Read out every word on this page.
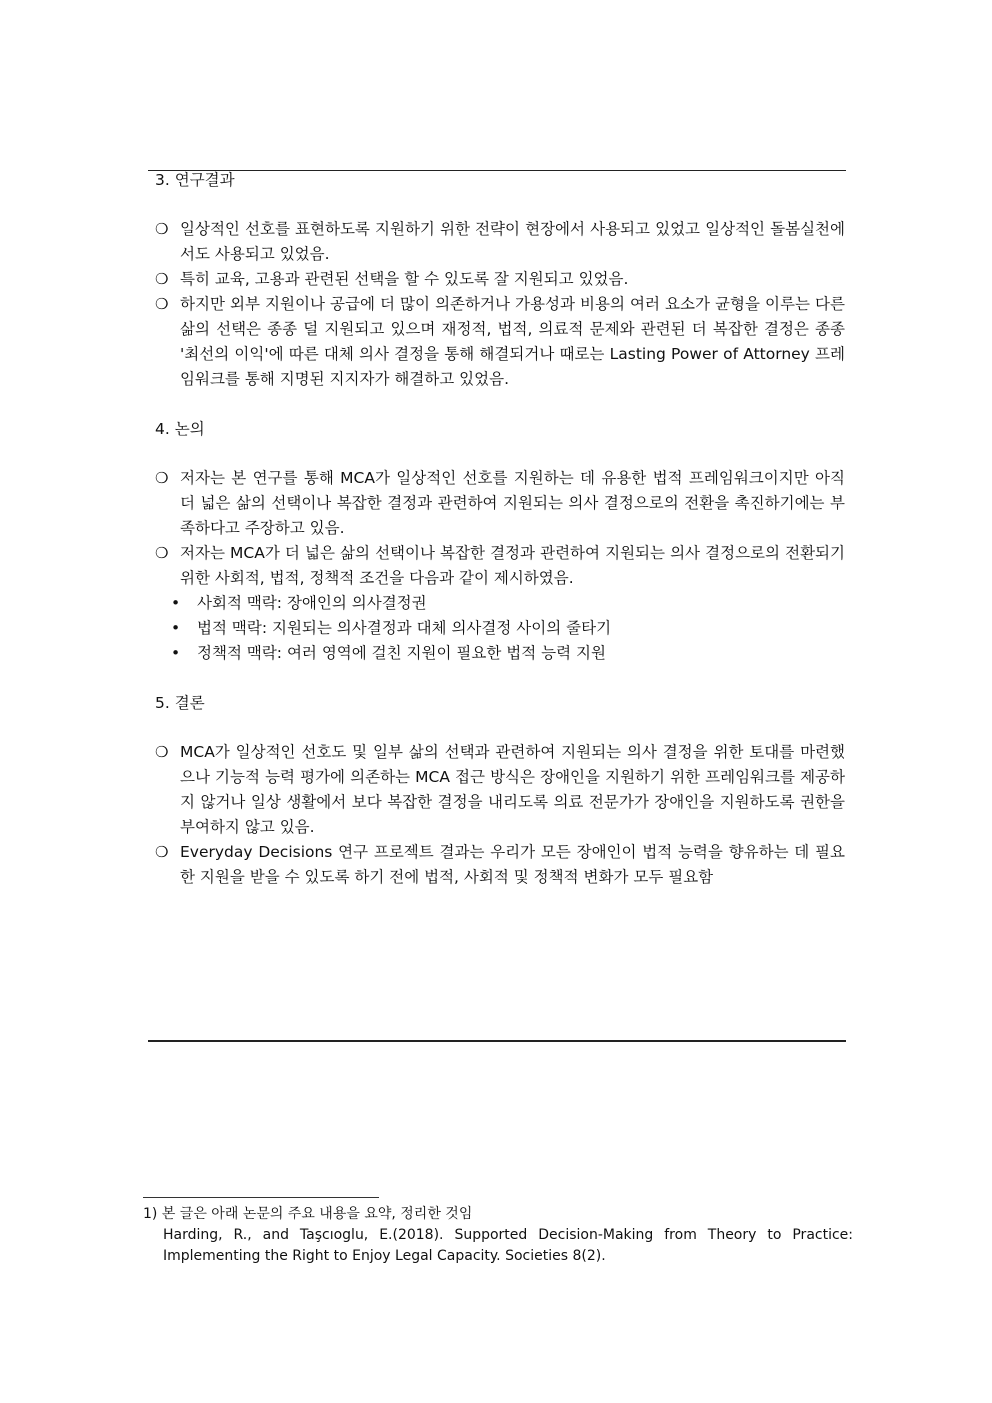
3. 연구결과

❍ 일상적인 선호를 표현하도록 지원하기 위한 전략이 현장에서 사용되고 있었고 일상적인 돌봄실천에서도 사용되고 있었음.

❍ 특히 교육, 고용과 관련된 선택을 할 수 있도록 잘 지원되고 있었음.

❍ 하지만 외부 지원이나 공급에 더 많이 의존하거나 가용성과 비용의 여러 요소가 균형을 이루는 다른 삶의 선택은 종종 덜 지원되고 있으며 재정적, 법적, 의료적 문제와 관련된 더 복잡한 결정은 종종 '최선의 이익'에 따른 대체 의사 결정을 통해 해결되거나 때로는 Lasting Power of Attorney 프레임워크를 통해 지명된 지지자가 해결하고 있었음.

4. 논의

❍ 저자는 본 연구를 통해 MCA가 일상적인 선호를 지원하는 데 유용한 법적 프레임워크이지만 아직 더 넓은 삶의 선택이나 복잡한 결정과 관련하여 지원되는 의사 결정으로의 전환을 촉진하기에는 부족하다고 주장하고 있음.

❍ 저자는 MCA가 더 넓은 삶의 선택이나 복잡한 결정과 관련하여 지원되는 의사 결정으로의 전환되기 위한 사회적, 법적, 정책적 조건을 다음과 같이 제시하였음.

• 사회적 맥락: 장애인의 의사결정권

• 법적 맥락: 지원되는 의사결정과 대체 의사결정 사이의 줄타기

• 정책적 맥락: 여러 영역에 걸친 지원이 필요한 법적 능력 지원

5. 결론

❍ MCA가 일상적인 선호도 및 일부 삶의 선택과 관련하여 지원되는 의사 결정을 위한 토대를 마련했으나 기능적 능력 평가에 의존하는 MCA 접근 방식은 장애인을 지원하기 위한 프레임워크를 제공하지 않거나 일상 생활에서 보다 복잡한 결정을 내리도록 의료 전문가가 장애인을 지원하도록 권한을 부여하지 않고 있음.

❍ Everyday Decisions 연구 프로젝트 결과는 우리가 모든 장애인이 법적 능력을 향유하는 데 필요한 지원을 받을 수 있도록 하기 전에 법적, 사회적 및 정책적 변화가 모두 필요함

1) 본 글은 아래 논문의 주요 내용을 요약, 정리한 것임
Harding, R., and Taşcıoglu, E.(2018). Supported Decision-Making from Theory to Practice: Implementing the Right to Enjoy Legal Capacity. Societies 8(2).
